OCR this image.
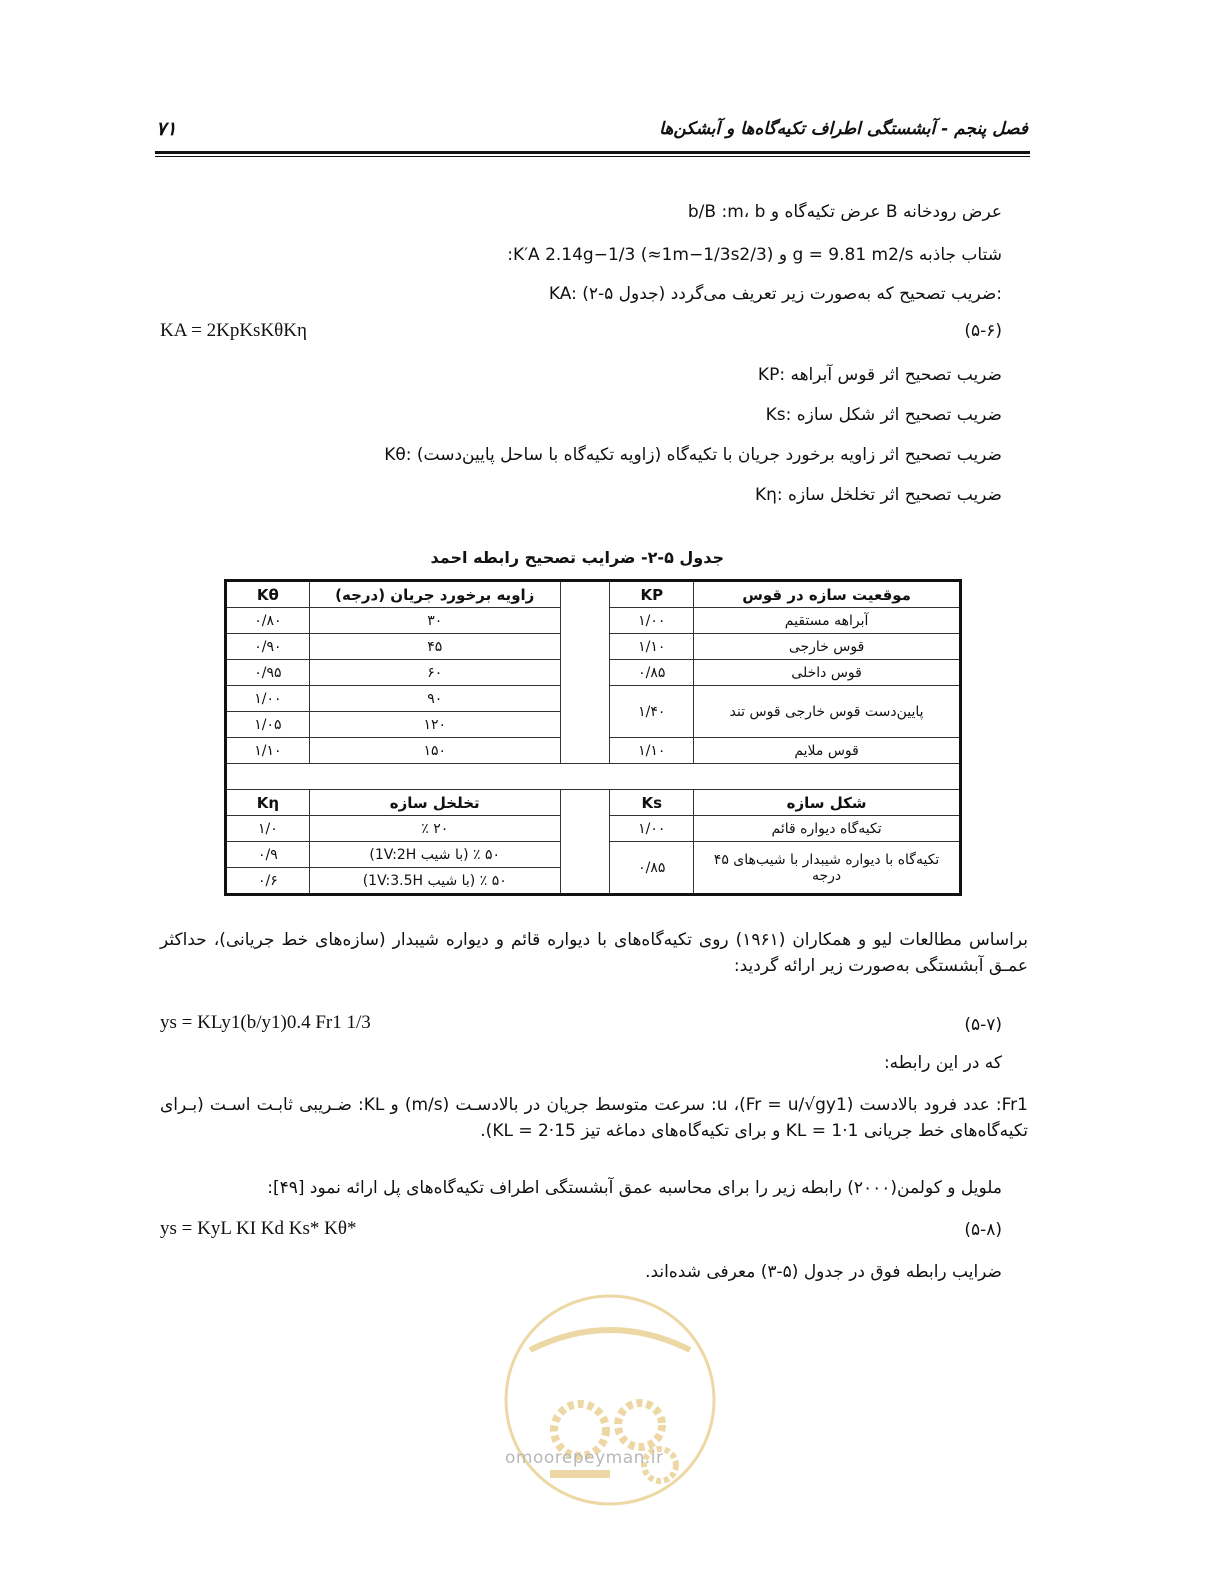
فصل پنجم - آبشستگی اطراف تکیه‌گاه‌ها و آبشکن‌ها
۷۱
b/B :m، b عرض تکیه‌گاه و B عرض رودخانه
:K′A 2.14g−1/3 (≈1m−1/3s2/3) و g = 9.81 m2/s شتاب جاذبه
KA: ضریب تصحیح که به‌صورت زیر تعریف می‌گردد (جدول ۵-۲):
(۵-۶)
KA = 2KpKsKθKη
KP: ضریب تصحیح اثر قوس آبراهه
Ks: ضریب تصحیح اثر شکل سازه
Kθ: ضریب تصحیح اثر زاویه برخورد جریان با تکیه‌گاه (زاویه تکیه‌گاه با ساحل پایین‌دست)
Kη: ضریب تصحیح اثر تخلخل سازه
جدول ۵-۲- ضرایب تصحیح رابطه احمد
موقعیت سازه در قوس	KP		زاویه برخورد جریان (درجه)	Kθ
آبراهه مستقیم	۱/۰۰		۳۰	۰/۸۰
قوس خارجی	۱/۱۰		۴۵	۰/۹۰
قوس داخلی	۰/۸۵		۶۰	۰/۹۵
پایین‌دست قوس خارجی قوس تند	۱/۴۰		۹۰	۱/۰۰
			۱۲۰	۱/۰۵
قوس ملایم	۱/۱۰		۱۵۰	۱/۱۰

شکل سازه	Ks		تخلخل سازه	Kη
تکیه‌گاه دیواره قائم	۱/۰۰		۲۰ ٪	۱/۰
تکیه‌گاه با دیواره شیبدار با شیب‌های ۴۵ درجه	۰/۸۵		۵۰ ٪ (با شیب 1V:2H)	۰/۹
			۵۰ ٪ (با شیب 1V:3.5H)	۰/۶
براساس مطالعات لیو و همکاران (۱۹۶۱) روی تکیه‌گاه‌های با دیواره قائم و دیواره شیبدار (سازه‌های خط جریانی)، حداکثر عمـق آبشستگی به‌صورت زیر ارائه گردید:
(۵-۷)
ys = KLy1(b/y1)0.4 Fr1 1/3
که در این رابطه:
Fr1: عدد فرود بالادست (Fr = u/√gy1)، u: سرعت متوسط جریان در بالادسـت (m/s) و KL: ضـریبی ثابـت اسـت (بـرای تکیه‌گاه‌های خط جریانی KL = 1·1 و برای تکیه‌گاه‌های دماغه تیز KL = 2·15).
ملویل و کولمن(۲۰۰۰) رابطه زیر را برای محاسبه عمق آبشستگی اطراف تکیه‌گاه‌های پل ارائه نمود [۴۹]:
(۵-۸)
ys = KyL KI Kd Ks* Kθ*
ضرایب رابطه فوق در جدول (۵-۳) معرفی شده‌اند.
omoorepeyman.ir
